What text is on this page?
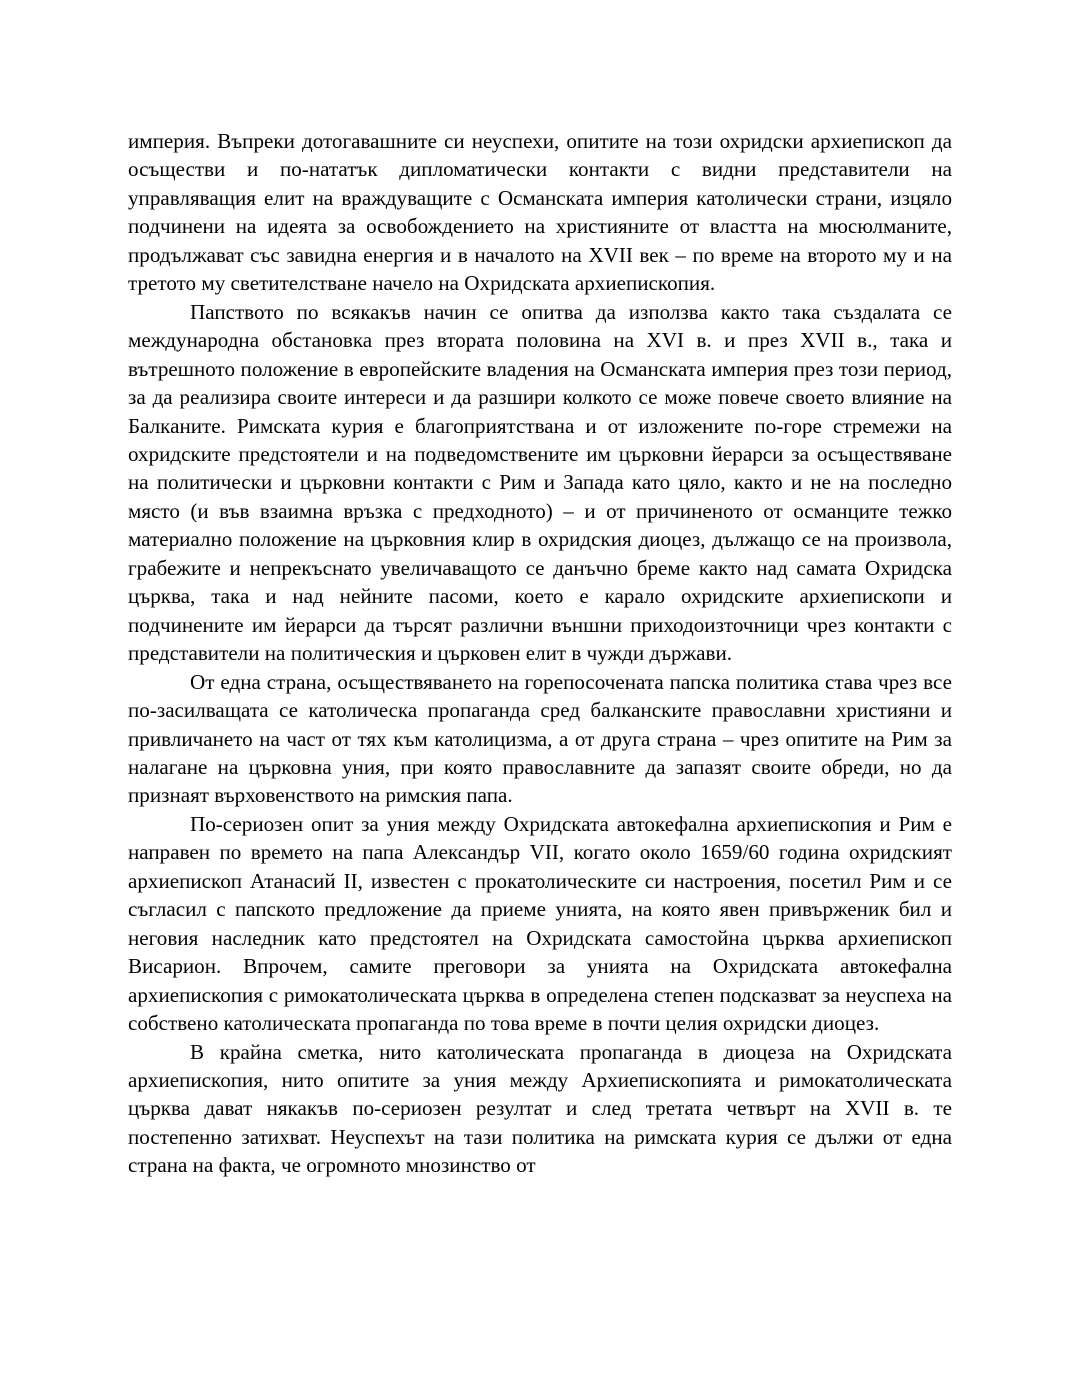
империя. Въпреки дотогавашните си неуспехи, опитите на този охридски архиепископ да осъществи и по-нататък дипломатически контакти с видни представители на управляващия елит на враждуващите с Османската империя католически страни, изцяло подчинени на идеята за освобождението на християните от властта на мюсюлманите, продължават със завидна енергия и в началото на XVII век – по време на второто му и на третото му светителстване начело на Охридската архиепископия.

Папството по всякакъв начин се опитва да използва както така създалата се международна обстановка през втората половина на XVI в. и през XVII в., така и вътрешното положение в европейските владения на Османската империя през този период, за да реализира своите интереси и да разшири колкото се може повече своето влияние на Балканите. Римската курия е благоприятствана и от изложените по-горе стремежи на охридските предстоятели и на подведомствените им църковни йерарси за осъществяване на политически и църковни контакти с Рим и Запада като цяло, както и не на последно място (и във взаимна връзка с предходното) – и от причиненото от османците тежко материално положение на църковния клир в охридския диоцез, дължащо се на произвола, грабежите и непрекъснато увеличаващото се данъчно бреме както над самата Охридска църква, така и над нейните пасоми, което е карало охридските архиепископи и подчинените им йерарси да търсят различни външни приходоизточници чрез контакти с представители на политическия и църковен елит в чужди държави.

От една страна, осъществяването на горепосочената папска политика става чрез все по-засилващата се католическа пропаганда сред балканските православни християни и привличането на част от тях към католицизма, а от друга страна – чрез опитите на Рим за налагане на църковна уния, при която православните да запазят своите обреди, но да признаят върховенството на римския папа.

По-сериозен опит за уния между Охридската автокефална архиепископия и Рим е направен по времето на папа Александър VII, когато около 1659/60 година охридският архиепископ Атанасий II, известен с прокатолическите си настроения, посетил Рим и се съгласил с папското предложение да приеме унията, на която явен привърженик бил и неговия наследник като предстоятел на Охридската самостойна църква архиепископ Висарион. Впрочем, самите преговори за унията на Охридската автокефална архиепископия с римокатолическата църква в определена степен подсказват за неуспеха на собствено католическата пропаганда по това време в почти целия охридски диоцез.

В крайна сметка, нито католическата пропаганда в диоцеза на Охридската архиепископия, нито опитите за уния между Архиепископията и римокатолическата църква дават някакъв по-сериозен резултат и след третата четвърт на XVII в. те постепенно затихват. Неуспехът на тази политика на римската курия се дължи от една страна на факта, че огромното мнозинство от
